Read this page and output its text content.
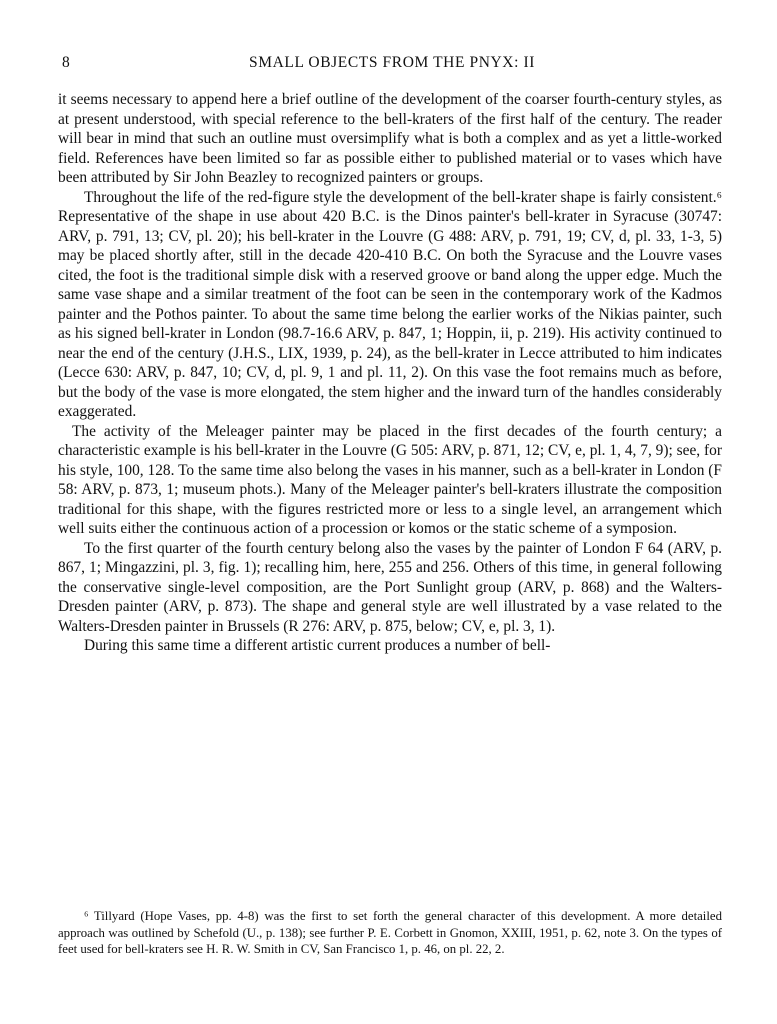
8	SMALL OBJECTS FROM THE PNYX: II

it seems necessary to append here a brief outline of the development of the coarser fourth-century styles, as at present understood, with special reference to the bell-kraters of the first half of the century. The reader will bear in mind that such an outline must oversimplify what is both a complex and as yet a little-worked field. References have been limited so far as possible either to published material or to vases which have been attributed by Sir John Beazley to recognized painters or groups.

Throughout the life of the red-figure style the development of the bell-krater shape is fairly consistent.⁶ Representative of the shape in use about 420 B.C. is the Dinos painter's bell-krater in Syracuse (30747: ARV, p. 791, 13; CV, pl. 20); his bell-krater in the Louvre (G 488: ARV, p. 791, 19; CV, d, pl. 33, 1-3, 5) may be placed shortly after, still in the decade 420-410 B.C. On both the Syracuse and the Louvre vases cited, the foot is the traditional simple disk with a reserved groove or band along the upper edge. Much the same vase shape and a similar treatment of the foot can be seen in the contemporary work of the Kadmos painter and the Pothos painter. To about the same time belong the earlier works of the Nikias painter, such as his signed bell-krater in London (98.7-16.6 ARV, p. 847, 1; Hoppin, ii, p. 219). His activity continued to near the end of the century (J.H.S., LIX, 1939, p. 24), as the bell-krater in Lecce attributed to him indicates (Lecce 630: ARV, p. 847, 10; CV, d, pl. 9, 1 and pl. 11, 2). On this vase the foot remains much as before, but the body of the vase is more elongated, the stem higher and the inward turn of the handles considerably exaggerated.

The activity of the Meleager painter may be placed in the first decades of the fourth century; a characteristic example is his bell-krater in the Louvre (G 505: ARV, p. 871, 12; CV, e, pl. 1, 4, 7, 9); see, for his style, 100, 128. To the same time also belong the vases in his manner, such as a bell-krater in London (F 58: ARV, p. 873, 1; museum phots.). Many of the Meleager painter's bell-kraters illustrate the composition traditional for this shape, with the figures restricted more or less to a single level, an arrangement which well suits either the continuous action of a procession or komos or the static scheme of a symposion.

To the first quarter of the fourth century belong also the vases by the painter of London F 64 (ARV, p. 867, 1; Mingazzini, pl. 3, fig. 1); recalling him, here, 255 and 256. Others of this time, in general following the conservative single-level composition, are the Port Sunlight group (ARV, p. 868) and the Walters-Dresden painter (ARV, p. 873). The shape and general style are well illustrated by a vase related to the Walters-Dresden painter in Brussels (R 276: ARV, p. 875, below; CV, e, pl. 3, 1).

During this same time a different artistic current produces a number of bell-

⁶ Tillyard (Hope Vases, pp. 4-8) was the first to set forth the general character of this development. A more detailed approach was outlined by Schefold (U., p. 138); see further P. E. Corbett in Gnomon, XXIII, 1951, p. 62, note 3. On the types of feet used for bell-kraters see H. R. W. Smith in CV, San Francisco 1, p. 46, on pl. 22, 2.
